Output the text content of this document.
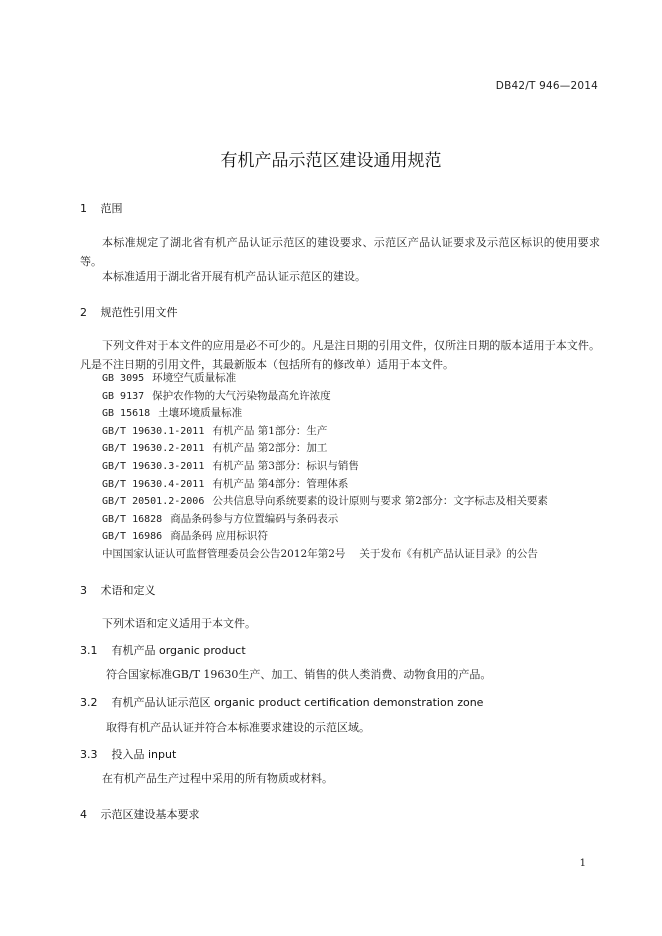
DB42/T 946—2014
有机产品示范区建设通用规范
1 范围
本标准规定了湖北省有机产品认证示范区的建设要求、示范区产品认证要求及示范区标识的使用要求等。
本标准适用于湖北省开展有机产品认证示范区的建设。
2 规范性引用文件
下列文件对于本文件的应用是必不可少的。凡是注日期的引用文件，仅所注日期的版本适用于本文件。凡是不注日期的引用文件，其最新版本（包括所有的修改单）适用于本文件。
GB 3095 环境空气质量标准
GB 9137 保护农作物的大气污染物最高允许浓度
GB 15618 土壤环境质量标准
GB/T 19630.1-2011 有机产品 第1部分：生产
GB/T 19630.2-2011 有机产品 第2部分：加工
GB/T 19630.3-2011 有机产品 第3部分：标识与销售
GB/T 19630.4-2011 有机产品 第4部分：管理体系
GB/T 20501.2-2006 公共信息导向系统要素的设计原则与要求 第2部分：文字标志及相关要素
GB/T 16828 商品条码参与方位置编码与条码表示
GB/T 16986 商品条码 应用标识符
中国国家认证认可监督管理委员会公告2012年第2号 关于发布《有机产品认证目录》的公告
3 术语和定义
下列术语和定义适用于本文件。
3.1 有机产品 organic product
符合国家标准GB/T 19630生产、加工、销售的供人类消费、动物食用的产品。
3.2 有机产品认证示范区 organic product certification demonstration zone
取得有机产品认证并符合本标准要求建设的示范区域。
3.3 投入品 input
在有机产品生产过程中采用的所有物质或材料。
4 示范区建设基本要求
1
